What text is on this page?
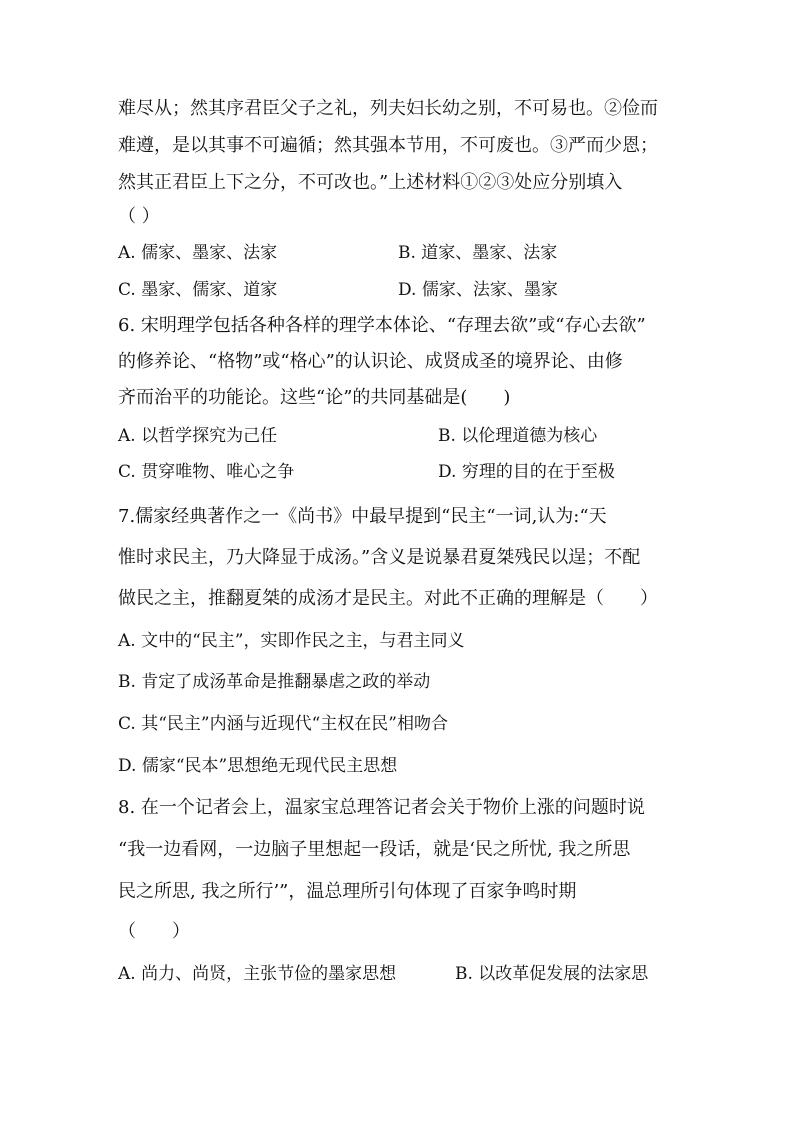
难尽从；然其序君臣父子之礼，列夫妇长幼之别，不可易也。②俭而
难遵，是以其事不可遍循；然其强本节用，不可废也。③严而少恩；
然其正君臣上下之分，不可改也。”上述材料①②③处应分别填入
（ ）
A. 儒家、墨家、法家	B. 道家、墨家、法家
C. 墨家、儒家、道家	D. 儒家、法家、墨家
6. 宋明理学包括各种各样的理学本体论、“存理去欲”或“存心去欲”
的修养论、“格物”或“格心”的认识论、成贤成圣的境界论、由修
齐而治平的功能论。这些“论”的共同基础是(　　)
A. 以哲学探究为己任	B. 以伦理道德为核心
C. 贯穿唯物、唯心之争	D. 穷理的目的在于至极
7.儒家经典著作之一《尚书》中最早提到“民主“一词,认为:“天
惟时求民主，乃大降显于成汤。”含义是说暴君夏桀残民以逞；不配
做民之主，推翻夏桀的成汤才是民主。对此不正确的理解是（　　）
A. 文中的“民主”，实即作民之主，与君主同义
B. 肯定了成汤革命是推翻暴虐之政的举动
C. 其“民主”内涵与近现代“主权在民”相吻合
D. 儒家“民本”思想绝无现代民主思想
8. 在一个记者会上，温家宝总理答记者会关于物价上涨的问题时说
“我一边看网，一边脑子里想起一段话，就是‘民之所忧, 我之所思
民之所思, 我之所行’”，温总理所引句体现了百家争鸣时期
（　　）
A. 尚力、尚贤，主张节俭的墨家思想	B. 以改革促发展的法家思
